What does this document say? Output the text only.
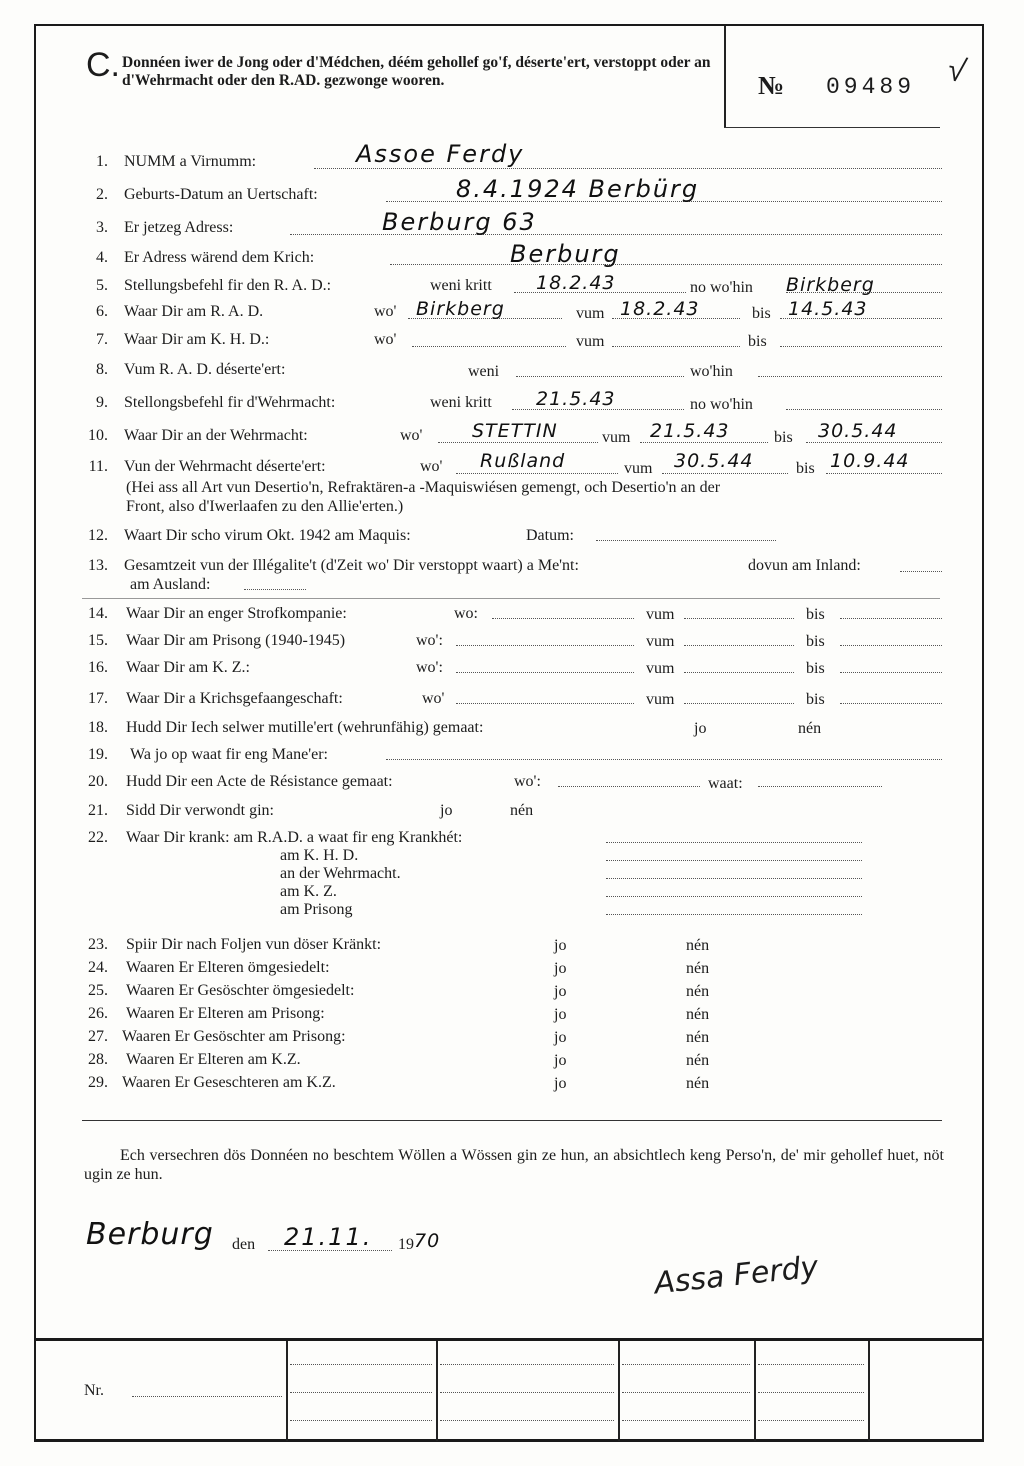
C. Donnéen iwer de Jong oder d'Médchen, déém gehollef go'f, déserte'ert, verstoppt oder an d'Wehrmacht oder den R.AD. gezwonge wooren.	№ 09489 √
1. NUMM a Virnumm:	Assoe Ferdy
2. Geburts-Datum an Uertschaft:	8.4.1924 Berbürg
3. Er jetzeg Adress:	Berburg 63
4. Er Adress wärend dem Krich:	Berburg
5. Stellungsbefehl fir den R. A. D.:	weni kritt 18.2.43	no wo'hin Birkberg
6. Waar Dir am R. A. D.	wo' Birkberg	vum 18.2.43	bis 14.5.43
7. Waar Dir am K. H. D.:	wo'	vum	bis
8. Vum R. A. D. déserte'ert:	weni	wo'hin
9. Stellongsbefehl fir d'Wehrmacht:	weni kritt 21.5.43	no wo'hin
10. Waar Dir an der Wehrmacht:	wo'	STETTIN	vum 21.5.43	bis 30.5.44
11. Vun der Wehrmacht déserte'ert:	wo' Rußland	vum 30.5.44	bis 10.9.44
(Hei ass all Art vun Desertio'n, Refraktären-a -Maquiswiésen gemengt, och Desertio'n an der
Front, also d'Iwerlaafen zu den Allie'erten.)
12. Waart Dir scho virum Okt. 1942 am Maquis:	Datum:
13. Gesamtzeit vun der Illégalite't (d'Zeit wo' Dir verstoppt waart) a Me'nt:	dovun am Inland:
am Ausland:
14. Waar Dir an enger Strofkompanie:	wo:	vum	bis
15. Waar Dir am Prisong (1940-1945)	wo':	vum	bis
16. Waar Dir am K. Z.:	wo':	vum	bis
17. Waar Dir a Krichsgefaangeschaft:	wo'	vum	bis
18. Hudd Dir Iech selwer mutille'ert (wehrunfähig) gemaat:	jo	nén
19. Wa jo op waat fir eng Mane'er:
20. Hudd Dir een Acte de Résistance gemaat:	wo':	waat:
21. Sidd Dir verwondt gin:	jo	nén
22. Waar Dir krank: am R.A.D. a waat fir eng Krankhét:
am K. H. D.
an der Wehrmacht.
am K. Z.
am Prisong
23. Spiir Dir nach Foljen vun döser Kränkt:	jo	nén
24. Waaren Er Elteren ömgesiedelt:	jo	nén
25. Waaren Er Gesöschter ömgesiedelt:	jo	nén
26. Waaren Er Elteren am Prisong:	jo	nén
27. Waaren Er Gesöschter am Prisong:	jo	nén
28. Waaren Er Elteren am K.Z.	jo	nén
29. Waaren Er Geseschteren am K.Z.	jo	nén
Ech versechren dös Donnéen no beschtem Wöllen a Wössen gin ze hun, an absichtlech keng Perso'n, de' mir gehollef huet, nöt ugin ze hun.
Berburg den 21.11. 19 70
Assa Ferdy
Nr.
